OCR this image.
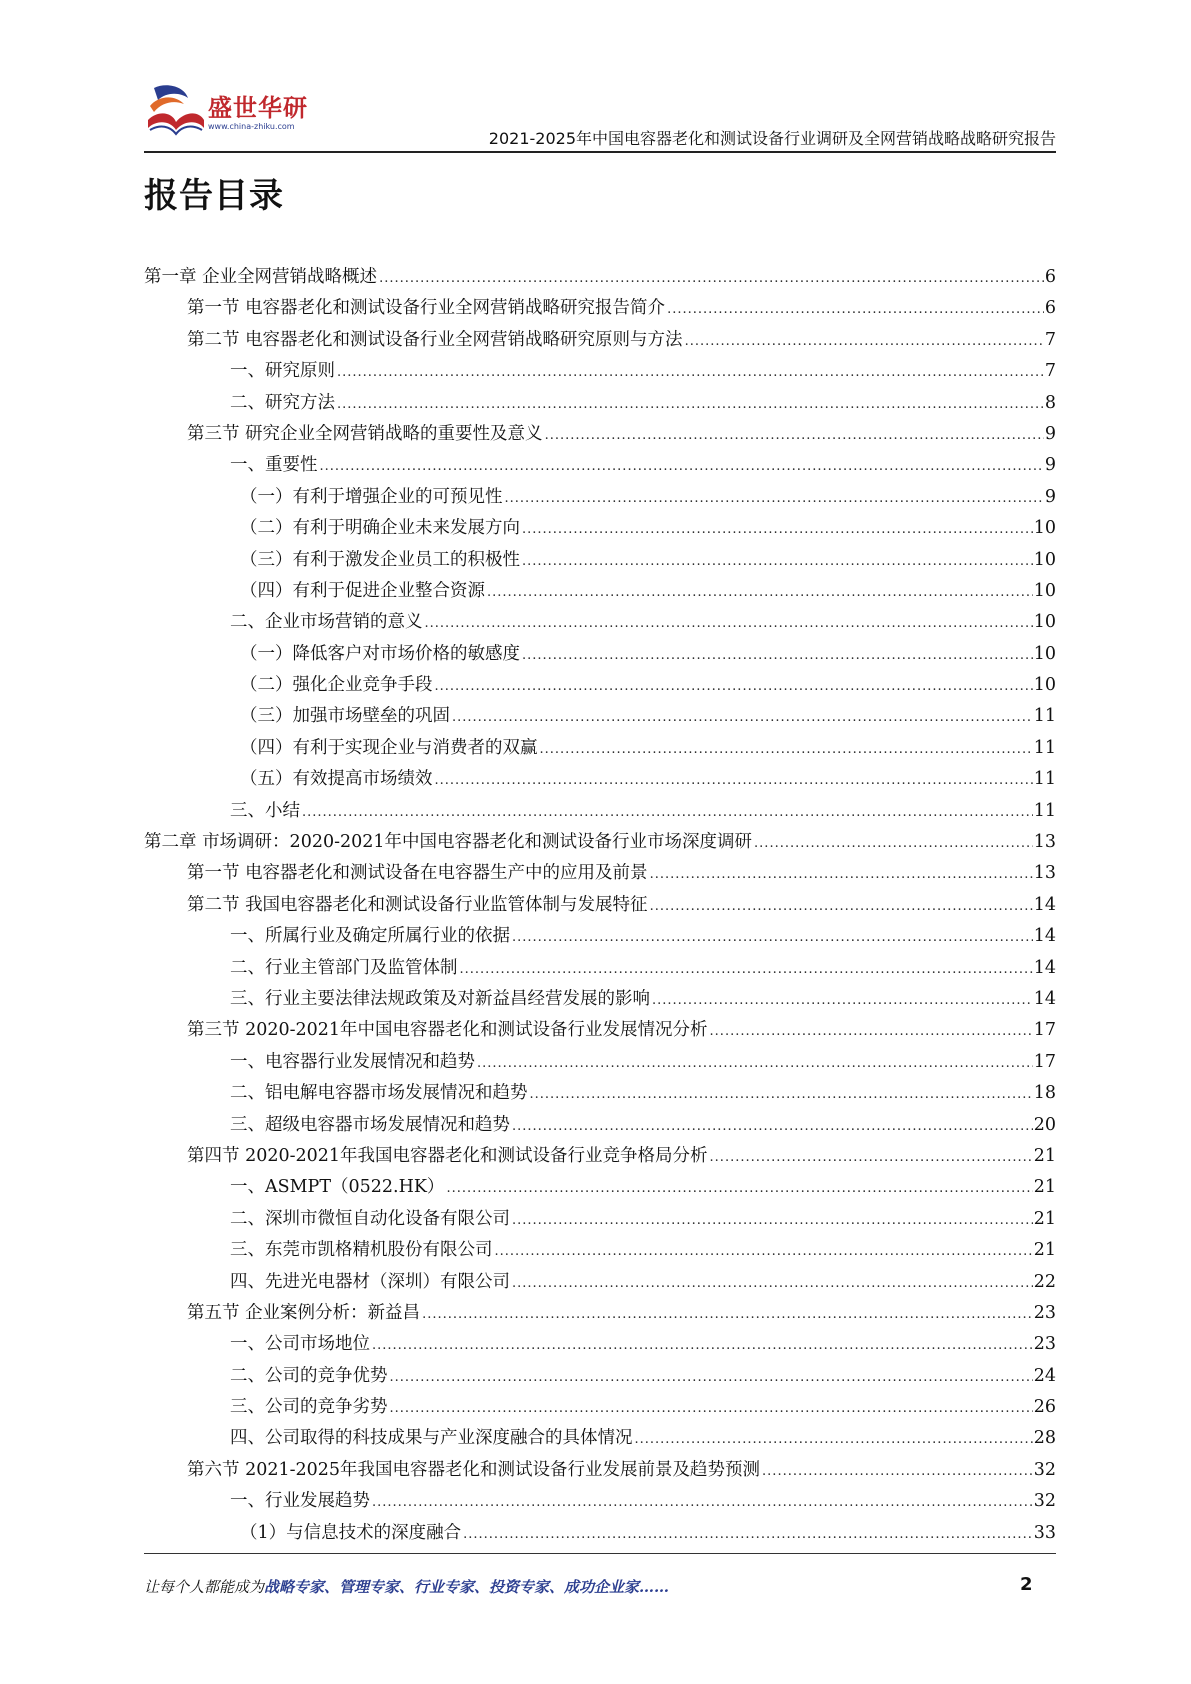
盛世华研
www.china-zhiku.com
2021-2025年中国电容器老化和测试设备行业调研及全网营销战略战略研究报告
报告目录
第一章 企业全网营销战略概述 .....	6
第一节 电容器老化和测试设备行业全网营销战略研究报告简介 .....	6
第二节 电容器老化和测试设备行业全网营销战略研究原则与方法 .....	7
一、研究原则 .....	7
二、研究方法 .....	8
第三节 研究企业全网营销战略的重要性及意义 .....	9
一、重要性 .....	9
（一）有利于增强企业的可预见性 .....	9
（二）有利于明确企业未来发展方向 .....	10
（三）有利于激发企业员工的积极性 .....	10
（四）有利于促进企业整合资源 .....	10
二、企业市场营销的意义 .....	10
（一）降低客户对市场价格的敏感度 .....	10
（二）强化企业竞争手段 .....	10
（三）加强市场壁垒的巩固 .....	11
（四）有利于实现企业与消费者的双赢 .....	11
（五）有效提高市场绩效 .....	11
三、小结 .....	11
第二章 市场调研：2020-2021年中国电容器老化和测试设备行业市场深度调研 .....	13
第一节 电容器老化和测试设备在电容器生产中的应用及前景 .....	13
第二节 我国电容器老化和测试设备行业监管体制与发展特征 .....	14
一、所属行业及确定所属行业的依据 .....	14
二、行业主管部门及监管体制 .....	14
三、行业主要法律法规政策及对新益昌经营发展的影响 .....	14
第三节 2020-2021年中国电容器老化和测试设备行业发展情况分析 .....	17
一、电容器行业发展情况和趋势 .....	17
二、铝电解电容器市场发展情况和趋势 .....	18
三、超级电容器市场发展情况和趋势 .....	20
第四节 2020-2021年我国电容器老化和测试设备行业竞争格局分析 .....	21
一、ASMPT（0522.HK） .....	21
二、深圳市微恒自动化设备有限公司 .....	21
三、东莞市凯格精机股份有限公司 .....	21
四、先进光电器材（深圳）有限公司 .....	22
第五节 企业案例分析：新益昌 .....	23
一、公司市场地位 .....	23
二、公司的竞争优势 .....	24
三、公司的竞争劣势 .....	26
四、公司取得的科技成果与产业深度融合的具体情况 .....	28
第六节 2021-2025年我国电容器老化和测试设备行业发展前景及趋势预测 .....	32
一、行业发展趋势 .....	32
（1）与信息技术的深度融合 .....	33
让每个人都能成为战略专家、管理专家、行业专家、投资专家、成功企业家……	2
